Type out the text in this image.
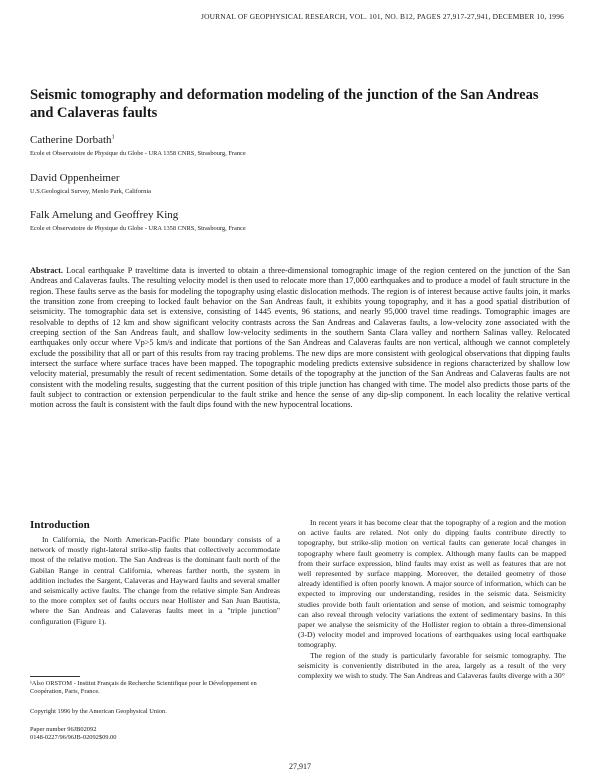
JOURNAL OF GEOPHYSICAL RESEARCH, VOL. 101, NO. B12, PAGES 27,917-27,941, DECEMBER 10, 1996
Seismic tomography and deformation modeling of the junction of the San Andreas and Calaveras faults
Catherine Dorbath$^1$
Ecole et Observatoire de Physique du Globe - URA 1358 CNRS, Strasbourg, France
David Oppenheimer
U.S.Geological Survey, Menlo Park, California
Falk Amelung and Geoffrey King
Ecole et Observatoire de Physique du Globe - URA 1358 CNRS, Strasbourg, France
Abstract. Local earthquake P traveltime data is inverted to obtain a three-dimensional tomographic image of the region centered on the junction of the San Andreas and Calaveras faults. The resulting velocity model is then used to relocate more than 17,000 earthquakes and to produce a model of fault structure in the region. These faults serve as the basis for modeling the topography using elastic dislocation methods. The region is of interest because active faults join, it marks the transition zone from creeping to locked fault behavior on the San Andreas fault, it exhibits young topography, and it has a good spatial distribution of seismicity. The tomographic data set is extensive, consisting of 1445 events, 96 stations, and nearly 95,000 travel time readings. Tomographic images are resolvable to depths of 12 km and show significant velocity contrasts across the San Andreas and Calaveras faults, a low-velocity zone associated with the creeping section of the San Andreas fault, and shallow low-velocity sediments in the southern Santa Clara valley and northern Salinas valley. Relocated earthquakes only occur where Vp>5 km/s and indicate that portions of the San Andreas and Calaveras faults are non vertical, although we cannot completely exclude the possibility that all or part of this results from ray tracing problems. The new dips are more consistent with geological observations that dipping faults intersect the surface where surface traces have been mapped. The topographic modeling predicts extensive subsidence in regions characterized by shallow low velocity material, presumably the result of recent sedimentation. Some details of the topography at the junction of the San Andreas and Calaveras faults are not consistent with the modeling results, suggesting that the current position of this triple junction has changed with time. The model also predicts those parts of the fault subject to contraction or extension perpendicular to the fault strike and hence the sense of any dip-slip component. In each locality the relative vertical motion across the fault is consistent with the fault dips found with the new hypocentral locations.
Introduction

In California, the North American-Pacific Plate boundary consists of a network of mostly right-lateral strike-slip faults that collectively accommodate most of the relative motion. The San Andreas is the dominant fault north of the Gabilan Range in central California, whereas farther north, the system in addition includes the Sargent, Calaveras and Hayward faults and several smaller and seismically active faults. The change from the relative simple San Andreas to the more complex set of faults occurs near Hollister and San Juan Bautista, where the San Andreas and Calaveras faults meet in a "triple junction" configuration (Figure 1).

In recent years it has become clear that the topography of a region and the motion on active faults are related. Not only do dipping faults contribute directly to topography, but strike-slip motion on vertical faults can generate local changes in topography where fault geometry is complex. Although many faults can be mapped from their surface expression, blind faults may exist as well as features that are not well represented by surface mapping. Moreover, the detailed geometry of those already identified is often poorly known. A major source of information, which can be expected to improving our understanding, resides in the seismic data. Seismicity studies provide both fault orientation and sense of motion, and seismic tomography can also reveal through velocity variations the extent of sedimentary basins. In this paper we analyse the seismicity of the Hollister region to obtain a three-dimensional (3-D) velocity model and improved locations of earthquakes using local earthquake tomography.

The region of the study is particularly favorable for seismic tomography. The seismicity is conveniently distributed in the area, largely as a result of the very complexity we wish to study. The San Andreas and Calaveras faults diverge with a 30°

¹Also ORSTOM - Institut Français de Recherche Scientifique pour le Développement en Coopération, Paris, France.
Copyright 1996 by the American Geophysical Union.
Paper number 96JB02092
0148-0227/96/96JB-02092$09.00
27,917
